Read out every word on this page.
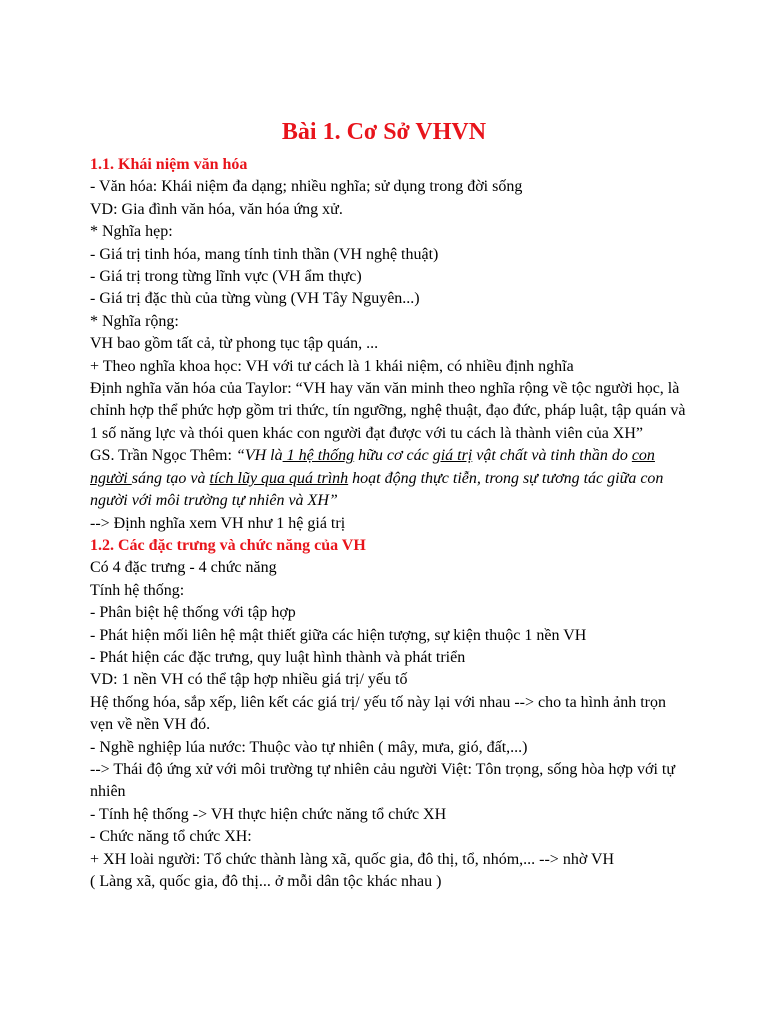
Bài 1. Cơ Sở VHVN
1.1. Khái niệm văn hóa
- Văn hóa: Khái niệm đa dạng; nhiều nghĩa; sử dụng trong đời sống
VD: Gia đình văn hóa, văn hóa ứng xử.
* Nghĩa hẹp:
- Giá trị tinh hóa, mang tính tinh thần (VH nghệ thuật)
- Giá trị trong từng lĩnh vực (VH ẩm thực)
- Giá trị đặc thù của từng vùng (VH Tây Nguyên...)
* Nghĩa rộng:
VH bao gồm tất cả, từ phong tục tập quán, ...
+ Theo nghĩa khoa học: VH với tư cách là 1 khái niệm, có nhiều định nghĩa
Định nghĩa văn hóa của Taylor: “VH hay văn văn minh theo nghĩa rộng về tộc người học, là chỉnh hợp thể phức hợp gồm tri thức, tín ngưỡng, nghệ thuật, đạo đức, pháp luật, tập quán và 1 số năng lực và thói quen khác con người đạt được với tu cách là thành viên của XH”
GS. Trần Ngọc Thêm: “VH là 1 hệ thống hữu cơ các giá trị vật chất và tinh thần do con người sáng tạo và tích lũy qua quá trình hoạt động thực tiễn, trong sự tương tác giữa con người với môi trường tự nhiên và XH”
--> Định nghĩa xem VH như 1 hệ giá trị
1.2. Các đặc trưng và chức năng của VH
Có 4 đặc trưng - 4 chức năng
Tính hệ thống:
- Phân biệt hệ thống với tập hợp
- Phát hiện mối liên hệ mật thiết giữa các hiện tượng, sự kiện thuộc 1 nền VH
- Phát hiện các đặc trưng, quy luật hình thành và phát triển
VD: 1 nền VH có thể tập hợp nhiều giá trị/ yếu tố
Hệ thống hóa, sắp xếp, liên kết các giá trị/ yếu tố này lại với nhau --> cho ta hình ảnh trọn vẹn về nền VH đó.
- Nghề nghiệp lúa nước: Thuộc vào tự nhiên ( mây, mưa, gió, đất,...)
--> Thái độ ứng xử với môi trường tự nhiên cảu người Việt: Tôn trọng, sống hòa hợp với tự nhiên
- Tính hệ thống -> VH thực hiện chức năng tổ chức XH
- Chức năng tổ chức XH:
+ XH loài người: Tổ chức thành làng xã, quốc gia, đô thị, tổ, nhóm,... --> nhờ VH
( Làng xã, quốc gia, đô thị... ở mỗi dân tộc khác nhau )
